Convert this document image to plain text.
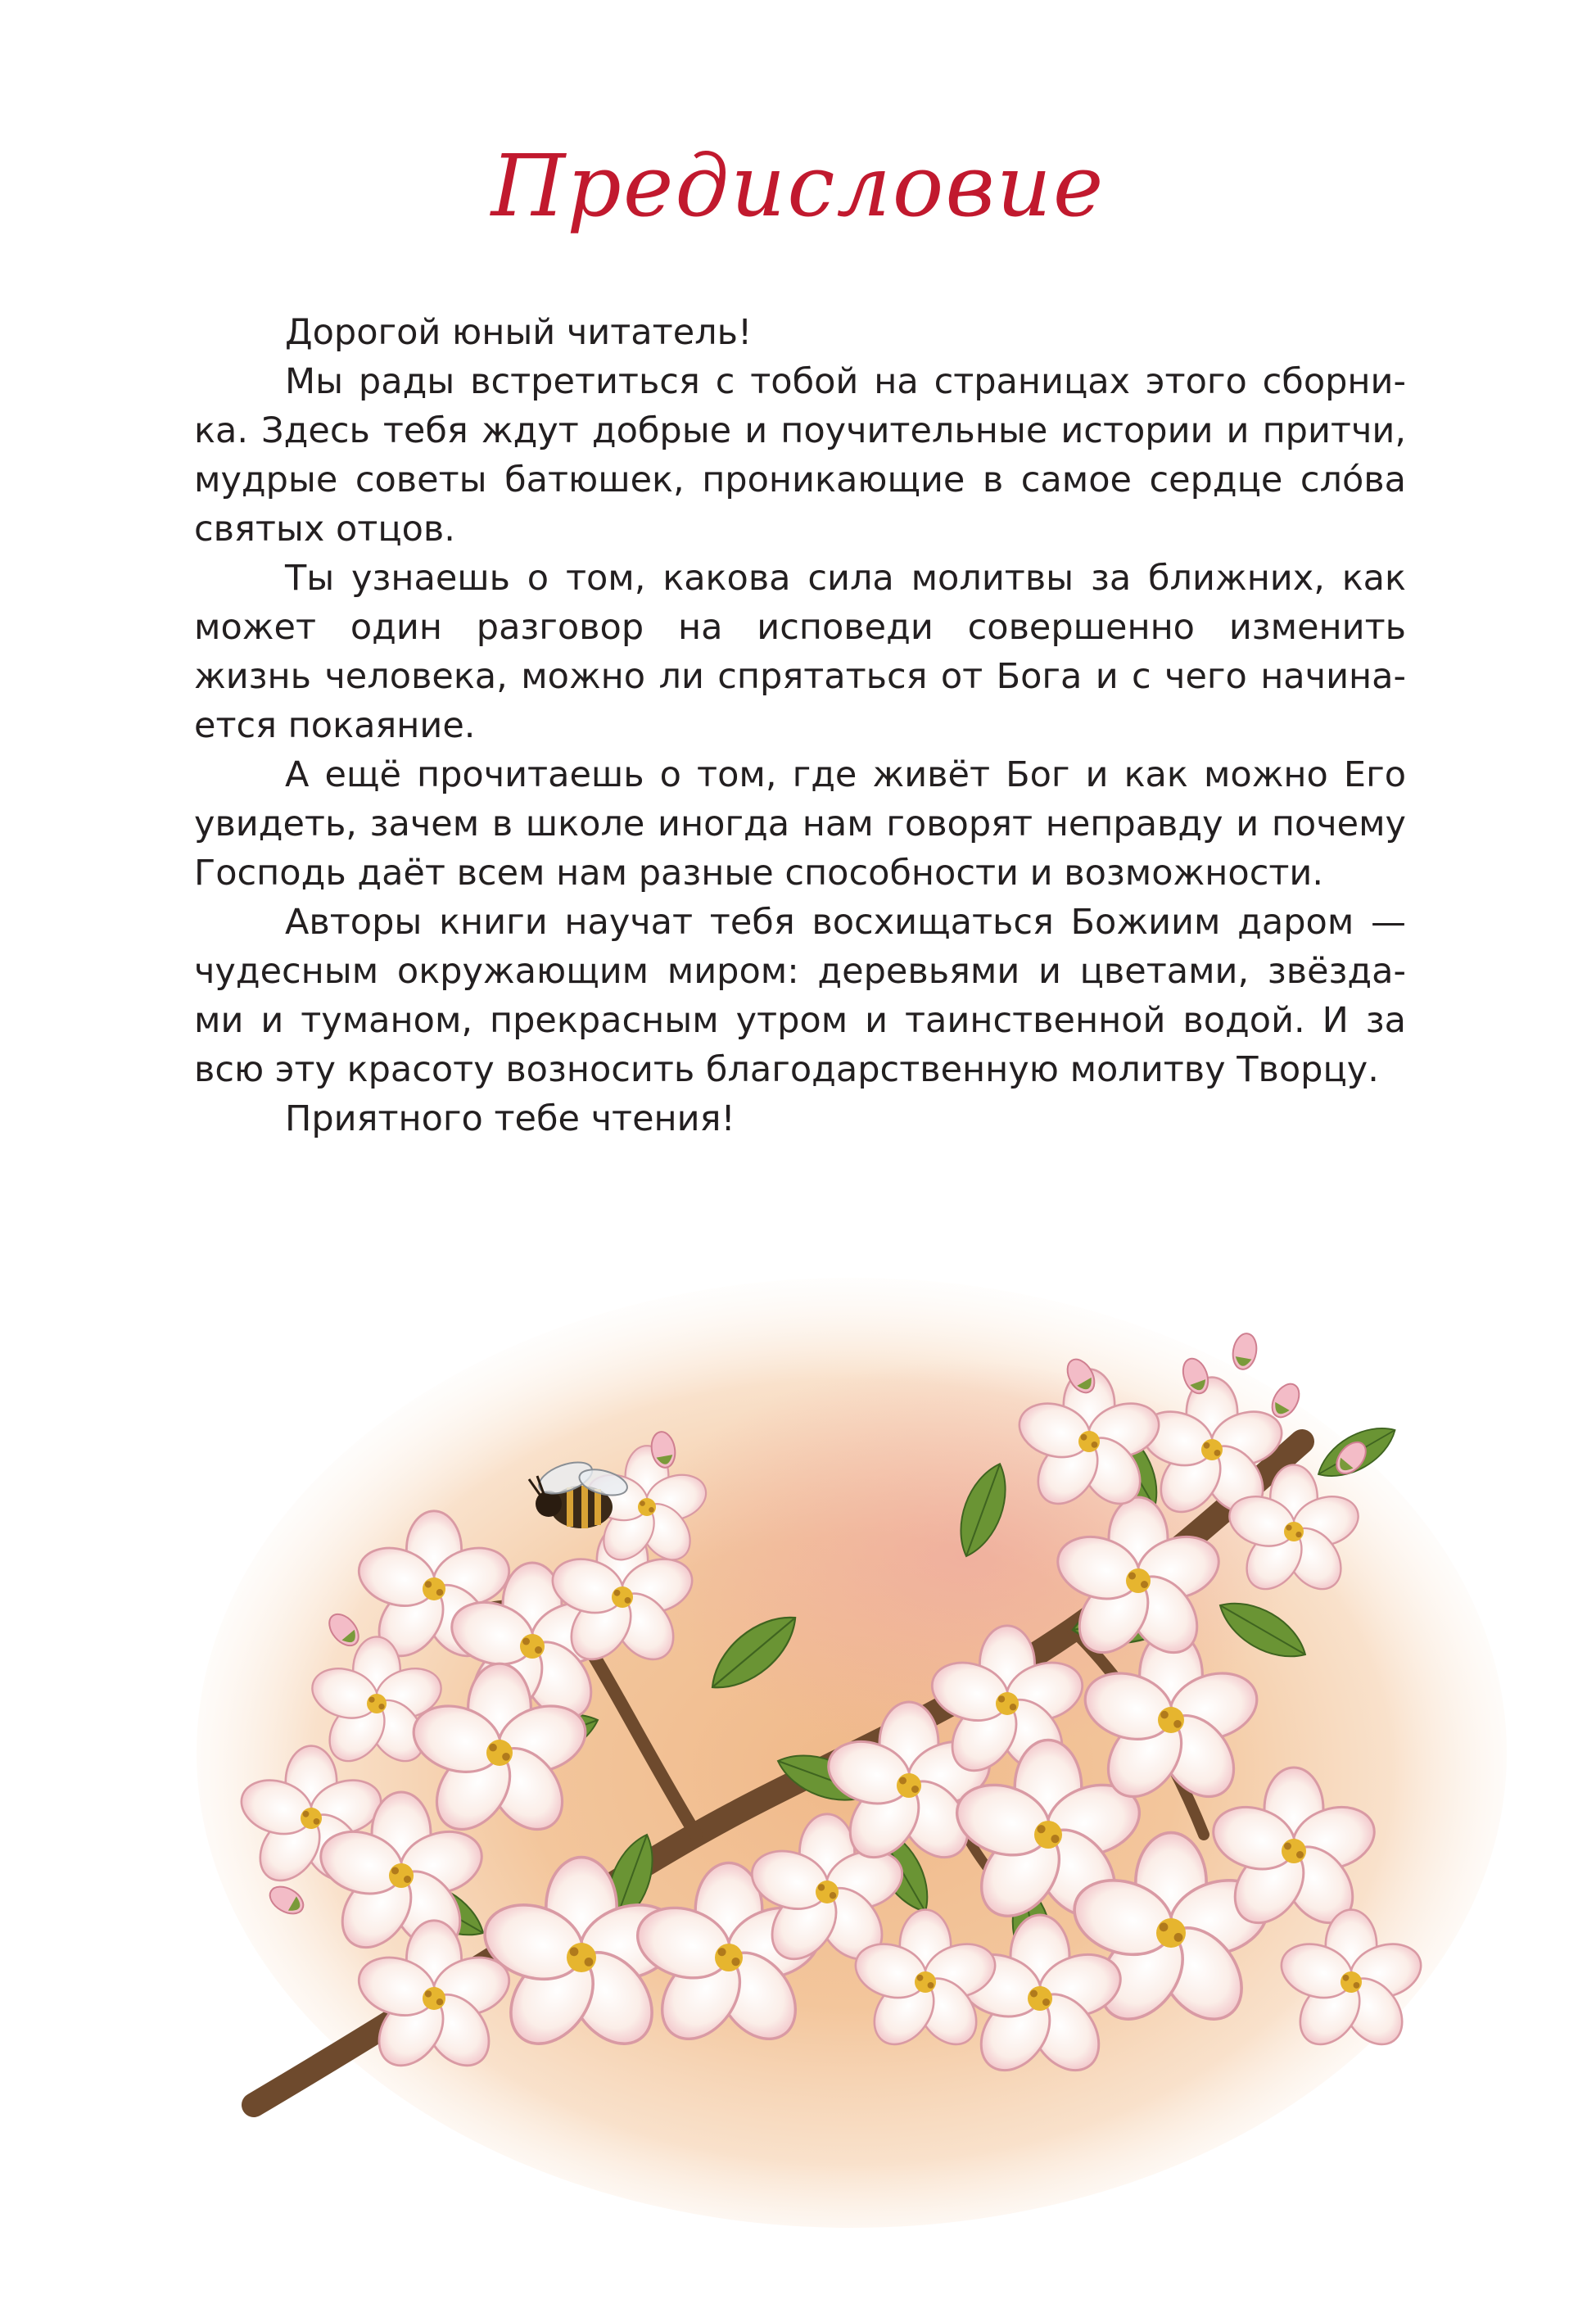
Предисловие
Дорогой юный читатель!
Мы рады встретиться с тобой на страницах этого сборни-
ка. Здесь тебя ждут добрые и поучительные истории и притчи,
мудрые советы батюшек, проникающие в самое сердце сло́ва
святых отцов.
Ты узнаешь о том, какова сила молитвы за ближних, как
может один разговор на исповеди совершенно изменить
жизнь человека, можно ли спрятаться от Бога и с чего начина-
ется покаяние.
А ещё прочитаешь о том, где живёт Бог и как можно Его
увидеть, зачем в школе иногда нам говорят неправду и почему
Господь даёт всем нам разные способности и возможности.
Авторы книги научат тебя восхищаться Божиим даром —
чудесным окружающим миром: деревьями и цветами, звёзда-
ми и туманом, прекрасным утром и таинственной водой. И за
всю эту красоту возносить благодарственную молитву Творцу.
Приятного тебе чтения!
